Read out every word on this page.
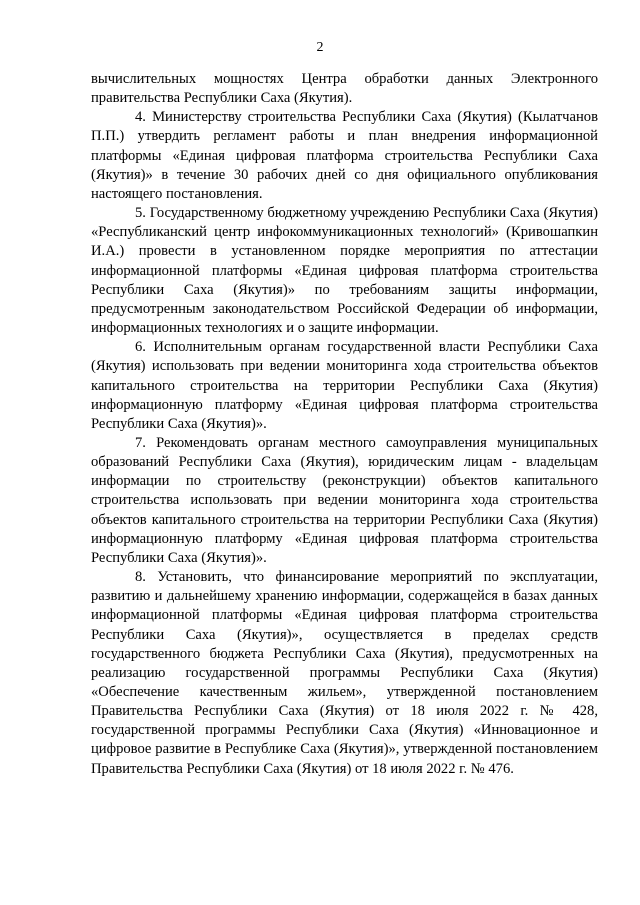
2

вычислительных мощностях Центра обработки данных Электронного правительства Республики Саха (Якутия).

4. Министерству строительства Республики Саха (Якутия) (Кылатчанов П.П.) утвердить регламент работы и план внедрения информационной платформы «Единая цифровая платформа строительства Республики Саха (Якутия)» в течение 30 рабочих дней со дня официального опубликования настоящего постановления.

5. Государственному бюджетному учреждению Республики Саха (Якутия) «Республиканский центр инфокоммуникационных технологий» (Кривошапкин И.А.) провести в установленном порядке мероприятия по аттестации информационной платформы «Единая цифровая платформа строительства Республики Саха (Якутия)» по требованиям защиты информации, предусмотренным законодательством Российской Федерации об информации, информационных технологиях и о защите информации.

6. Исполнительным органам государственной власти Республики Саха (Якутия) использовать при ведении мониторинга хода строительства объектов капитального строительства на территории Республики Саха (Якутия) информационную платформу «Единая цифровая платформа строительства Республики Саха (Якутия)».

7. Рекомендовать органам местного самоуправления муниципальных образований Республики Саха (Якутия), юридическим лицам - владельцам информации по строительству (реконструкции) объектов капитального строительства использовать при ведении мониторинга хода строительства объектов капитального строительства на территории Республики Саха (Якутия) информационную платформу «Единая цифровая платформа строительства Республики Саха (Якутия)».

8. Установить, что финансирование мероприятий по эксплуатации, развитию и дальнейшему хранению информации, содержащейся в базах данных информационной платформы «Единая цифровая платформа строительства Республики Саха (Якутия)», осуществляется в пределах средств государственного бюджета Республики Саха (Якутия), предусмотренных на реализацию государственной программы Республики Саха (Якутия) «Обеспечение качественным жильем», утвержденной постановлением Правительства Республики Саха (Якутия) от 18 июля 2022 г. № 428, государственной программы Республики Саха (Якутия) «Инновационное и цифровое развитие в Республике Саха (Якутия)», утвержденной постановлением Правительства Республики Саха (Якутия) от 18 июля 2022 г. № 476.
